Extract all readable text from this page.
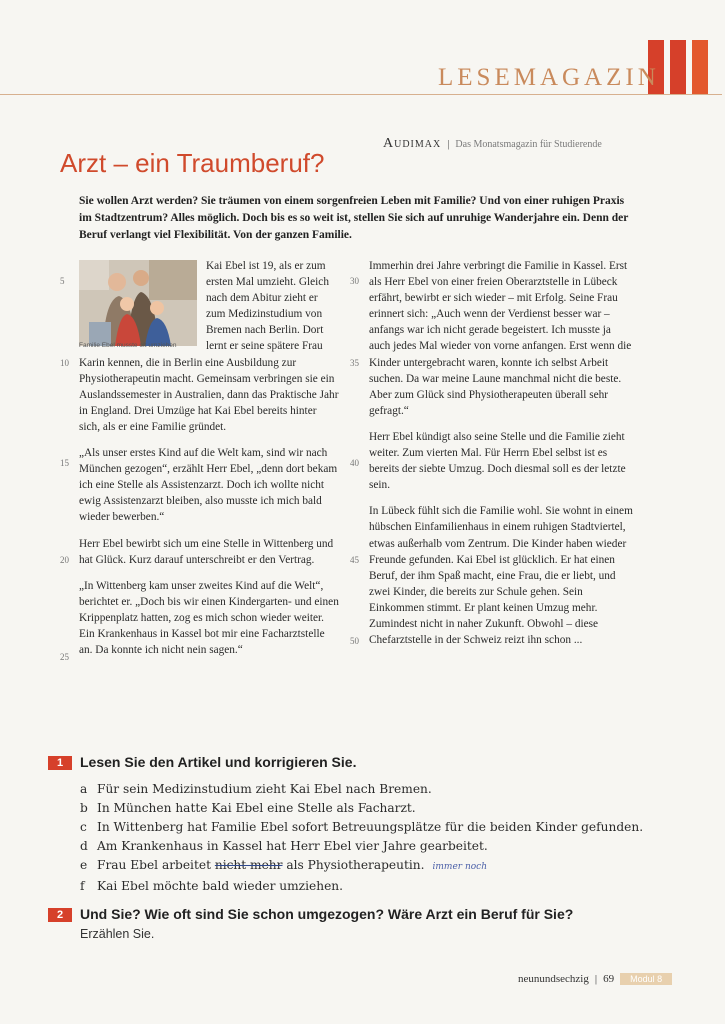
LESEMAGAZIN
Audimax | Das Monatsmagazin für Studierende
Arzt – ein Traumberuf?
Sie wollen Arzt werden? Sie träumen von einem sorgenfreien Leben mit Familie? Und von einer ruhigen Praxis im Stadtzentrum? Alles möglich. Doch bis es so weit ist, stellen Sie sich auf unruhige Wanderjahre ein. Denn der Beruf verlangt viel Flexibilität. Von der ganzen Familie.
5
10
15
20
25
30
35
40
45
50

Kai Ebel ist 19, als er zum ersten Mal umzieht. Gleich nach dem Abitur zieht er zum Medizinstudium von Bremen nach Berlin. Dort lernt er seine spätere Frau Karin kennen, die in Berlin eine Ausbildung zur Physiotherapeutin macht. Gemeinsam verbringen sie ein Auslandssemester in Australien, dann das Praktische Jahr in England. Drei Umzüge hat Kai Ebel bereits hinter sich, als er eine Familie gründet.

„Als unser erstes Kind auf die Welt kam, sind wir nach München gezogen“, erzählt Herr Ebel, „denn dort bekam ich eine Stelle als Assistenzarzt. Doch ich wollte nicht ewig Assistenzarzt bleiben, also musste ich mich bald wieder bewerben.“

Herr Ebel bewirbt sich um eine Stelle in Wittenberg und hat Glück. Kurz darauf unterschreibt er den Vertrag.

„In Wittenberg kam unser zweites Kind auf die Welt“, berichtet er. „Doch bis wir einen Kindergarten- und einen Krippenplatz hatten, zog es mich schon wieder weiter. Ein Krankenhaus in Kassel bot mir eine Facharztstelle an. Da konnte ich nicht nein sagen.“

Familie Ebel musste oft umziehen

Immerhin drei Jahre verbringt die Familie in Kassel. Erst als Herr Ebel von einer freien Oberarztstelle in Lübeck erfährt, bewirbt er sich wieder – mit Erfolg. Seine Frau erinnert sich: „Auch wenn der Verdienst besser war – anfangs war ich nicht gerade begeistert. Ich musste ja auch jedes Mal wieder von vorne anfangen. Erst wenn die Kinder untergebracht waren, konnte ich selbst Arbeit suchen. Da war meine Laune manchmal nicht die beste. Aber zum Glück sind Physiotherapeuten überall sehr gefragt.“

Herr Ebel kündigt also seine Stelle und die Familie zieht weiter. Zum vierten Mal. Für Herrn Ebel selbst ist es bereits der siebte Umzug. Doch diesmal soll es der letzte sein.

In Lübeck fühlt sich die Familie wohl. Sie wohnt in einem hübschen Einfamilienhaus in einem ruhigen Stadtviertel, etwas außerhalb vom Zentrum. Die Kinder haben wieder Freunde gefunden. Kai Ebel ist glücklich. Er hat einen Beruf, der ihm Spaß macht, eine Frau, die er liebt, und zwei Kinder, die bereits zur Schule gehen. Sein Einkommen stimmt. Er plant keinen Umzug mehr. Zumindest nicht in naher Zukunft. Obwohl – diese Chefarztstelle in der Schweiz reizt ihn schon ...

1 Lesen Sie den Artikel und korrigieren Sie.
a Für sein Medizinstudium zieht Kai Ebel nach Bremen.
b In München hatte Kai Ebel eine Stelle als Facharzt.
c In Wittenberg hat Familie Ebel sofort Betreuungsplätze für die beiden Kinder gefunden.
d Am Krankenhaus in Kassel hat Herr Ebel vier Jahre gearbeitet.
e Frau Ebel arbeitet nicht mehr als Physiotherapeutin. immer noch
f Kai Ebel möchte bald wieder umziehen.
2 Und Sie? Wie oft sind Sie schon umgezogen? Wäre Arzt ein Beruf für Sie?
Erzählen Sie.
neunundsechzig | 69 Modul 8
